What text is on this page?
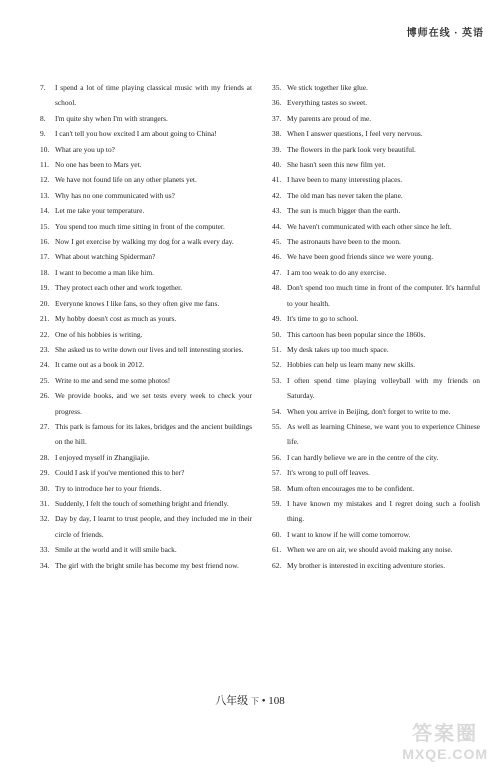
博师在线 · 英语
7.	I spend a lot of time playing classical music with my friends at school.
8.	I'm quite shy when I'm with strangers.
9.	I can't tell you how excited I am about going to China!
10. What are you up to?
11. No one has been to Mars yet.
12. We have not found life on any other planets yet.
13. Why has no one communicated with us?
14. Let me take your temperature.
15. You spend too much time sitting in front of the computer.
16. Now I get exercise by walking my dog for a walk every day.
17. What about watching Spiderman?
18. I want to become a man like him.
19. They protect each other and work together.
20. Everyone knows I like fans, so they often give me fans.
21. My hobby doesn't cost as much as yours.
22. One of his hobbies is writing.
23. She asked us to write down our lives and tell interesting stories.
24. It came out as a book in 2012.
25. Write to me and send me some photos!
26. We provide books, and we set tests every week to check your progress.
27. This park is famous for its lakes, bridges and the ancient buildings on the hill.
28. I enjoyed myself in Zhangjiajie.
29. Could I ask if you've mentioned this to her?
30. Try to introduce her to your friends.
31. Suddenly, I felt the touch of something bright and friendly.
32. Day by day, I learnt to trust people, and they included me in their circle of friends.
33. Smile at the world and it will smile back.
34. The girl with the bright smile has become my best friend now.
35. We stick together like glue.
36. Everything tastes so sweet.
37. My parents are proud of me.
38. When I answer questions, I feel very nervous.
39. The flowers in the park look very beautiful.
40. She hasn't seen this new film yet.
41. I have been to many interesting places.
42. The old man has never taken the plane.
43. The sun is much bigger than the earth.
44. We haven't communicated with each other since he left.
45. The astronauts have been to the moon.
46. We have been good friends since we were young.
47. I am too weak to do any exercise.
48. Don't spend too much time in front of the computer. It's harmful to your health.
49. It's time to go to school.
50. This cartoon has been popular since the 1860s.
51. My desk takes up too much space.
52. Hobbies can help us learn many new skills.
53. I often spend time playing volleyball with my friends on Saturday.
54. When you arrive in Beijing, don't forget to write to me.
55. As well as learning Chinese, we want you to experience Chinese life.
56. I can hardly believe we are in the centre of the city.
57. It's wrong to pull off leaves.
58. Mum often encourages me to be confident.
59. I have known my mistakes and I regret doing such a foolish thing.
60. I want to know if he will come tomorrow.
61. When we are on air, we should avoid making any noise.
62. My brother is interested in exciting adventure stories.
八年级 下 • 108
答案圈
MXQE.COM
